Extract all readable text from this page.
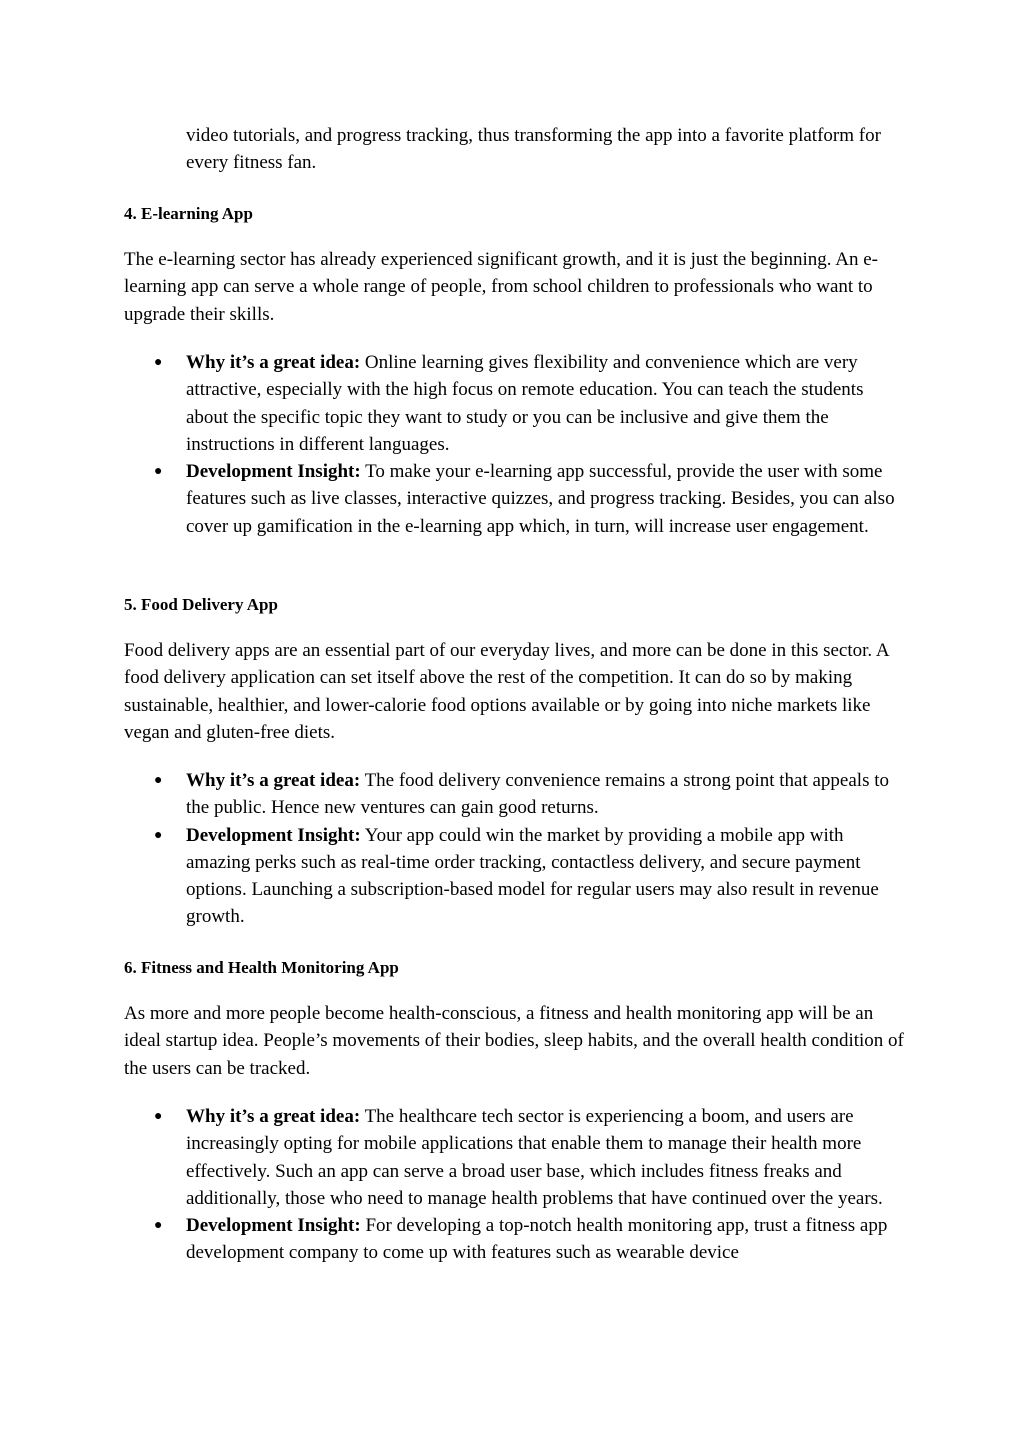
video tutorials, and progress tracking, thus transforming the app into a favorite platform for every fitness fan.

4. E-learning App

The e-learning sector has already experienced significant growth, and it is just the beginning. An e-learning app can serve a whole range of people, from school children to professionals who want to upgrade their skills.

● Why it’s a great idea: Online learning gives flexibility and convenience which are very attractive, especially with the high focus on remote education. You can teach the students about the specific topic they want to study or you can be inclusive and give them the instructions in different languages.
● Development Insight: To make your e-learning app successful, provide the user with some features such as live classes, interactive quizzes, and progress tracking. Besides, you can also cover up gamification in the e-learning app which, in turn, will increase user engagement.
5. Food Delivery App

Food delivery apps are an essential part of our everyday lives, and more can be done in this sector. A food delivery application can set itself above the rest of the competition. It can do so by making sustainable, healthier, and lower-calorie food options available or by going into niche markets like vegan and gluten-free diets.

● Why it’s a great idea: The food delivery convenience remains a strong point that appeals to the public. Hence new ventures can gain good returns.
● Development Insight: Your app could win the market by providing a mobile app with amazing perks such as real-time order tracking, contactless delivery, and secure payment options. Launching a subscription-based model for regular users may also result in revenue growth.
6. Fitness and Health Monitoring App

As more and more people become health-conscious, a fitness and health monitoring app will be an ideal startup idea. People’s movements of their bodies, sleep habits, and the overall health condition of the users can be tracked.

● Why it’s a great idea: The healthcare tech sector is experiencing a boom, and users are increasingly opting for mobile applications that enable them to manage their health more effectively. Such an app can serve a broad user base, which includes fitness freaks and additionally, those who need to manage health problems that have continued over the years.
● Development Insight: For developing a top-notch health monitoring app, trust a fitness app development company to come up with features such as wearable device
